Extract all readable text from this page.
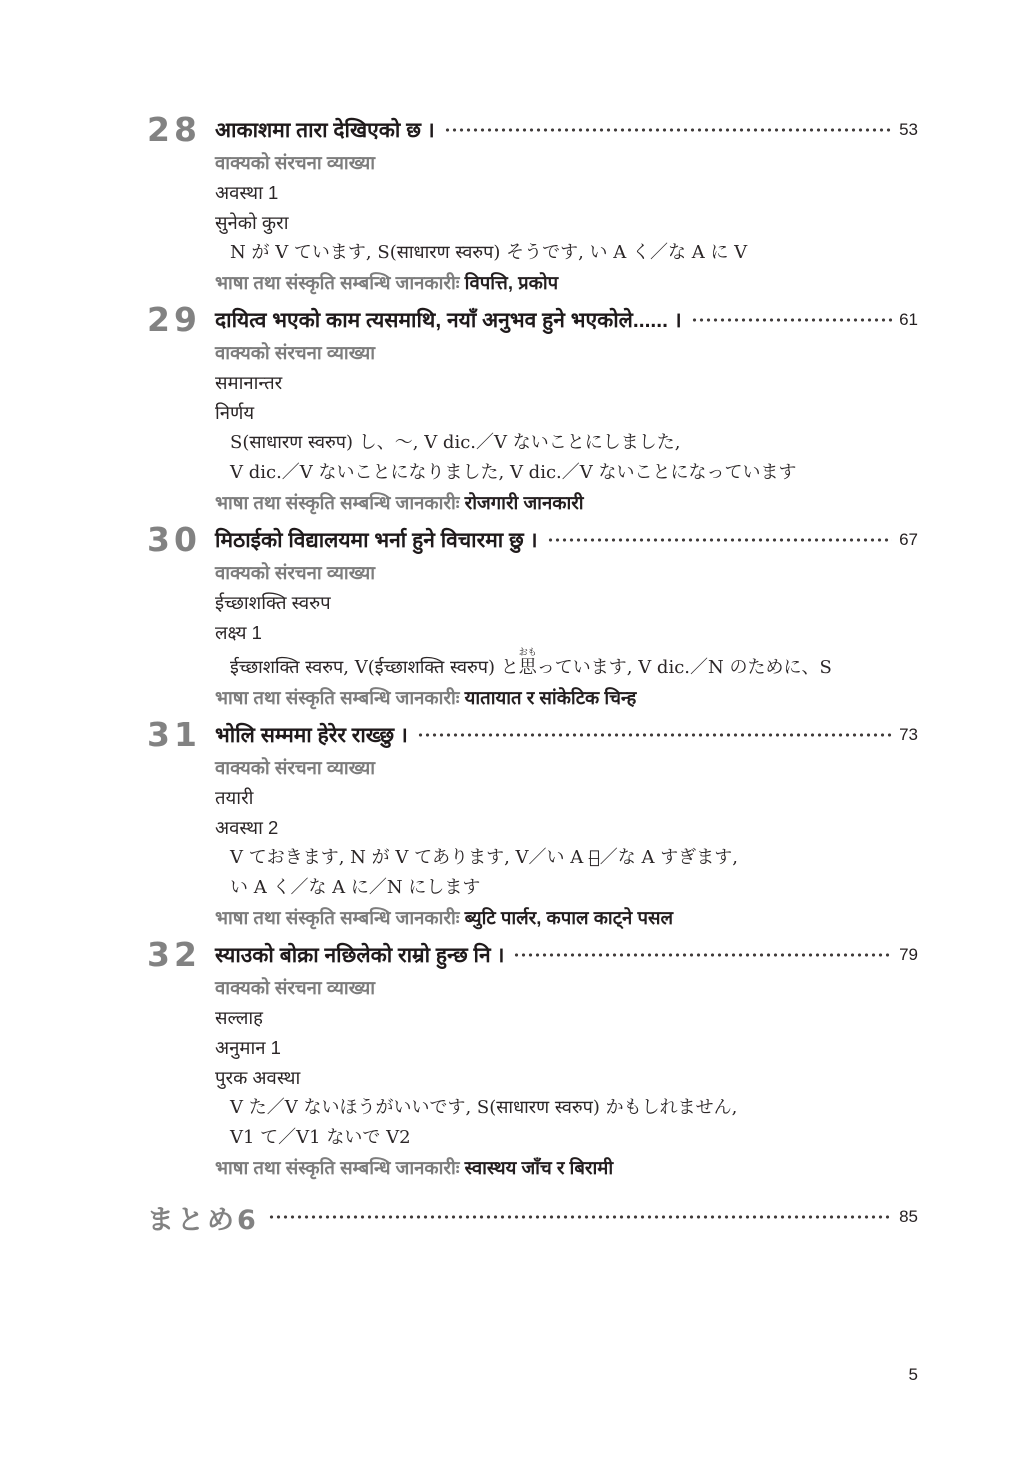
28 आकाशमा तारा देखिएको छ ।	53
वाक्यको संरचना व्याख्या
अवस्था 1
सुनेको कुरा
N が V ています, S(साधारण स्वरुप) そうです, い A く／な A に V
भाषा तथा संस्कृति सम्बन्धि जानकारीः विपत्ति, प्रकोप
29 दायित्व भएको काम त्यसमाथि, नयाँ अनुभव हुने भएकोले...... ।	61
वाक्यको संरचना व्याख्या
समानान्तर
निर्णय
S(साधारण स्वरुप) し、～, V dic.／V ないことにしました,
V dic.／V ないことになりました, V dic.／V ないことになっています
भाषा तथा संस्कृति सम्बन्धि जानकारीः रोजगारी जानकारी
30 मिठाईको विद्यालयमा भर्ना हुने विचारमा छु ।	67
वाक्यको संरचना व्याख्या
ईच्छाशक्ति स्वरुप
लक्ष्य 1
ईच्छाशक्ति स्वरुप, V(ईच्छाशक्ति स्वरुप) と思おもっています, V dic.／N のために、S
भाषा तथा संस्कृति सम्बन्धि जानकारीः यातायात र सांकेटिक चिन्ह
31 भोलि सम्ममा हेरेर राख्छु ।	73
वाक्यको संरचना व्याख्या
तयारी
अवस्था 2
V ておきます, N が V てあります, V／い A い̶／な A すぎます,
い A く／な A に／N にします
भाषा तथा संस्कृति सम्बन्धि जानकारीः ब्युटि पार्लर, कपाल काट्ने पसल
32 स्याउको बोक्रा नछिलेको राम्रो हुन्छ नि ।	79
वाक्यको संरचना व्याख्या
सल्लाह
अनुमान 1
पुरक अवस्था
V た／V ないほうがいいです, S(साधारण स्वरुप) かもしれません,
V1 て／V1 ないで V2
भाषा तथा संस्कृति सम्बन्धि जानकारीः स्वास्थय जाँच र बिरामी
まとめ6	85
5
